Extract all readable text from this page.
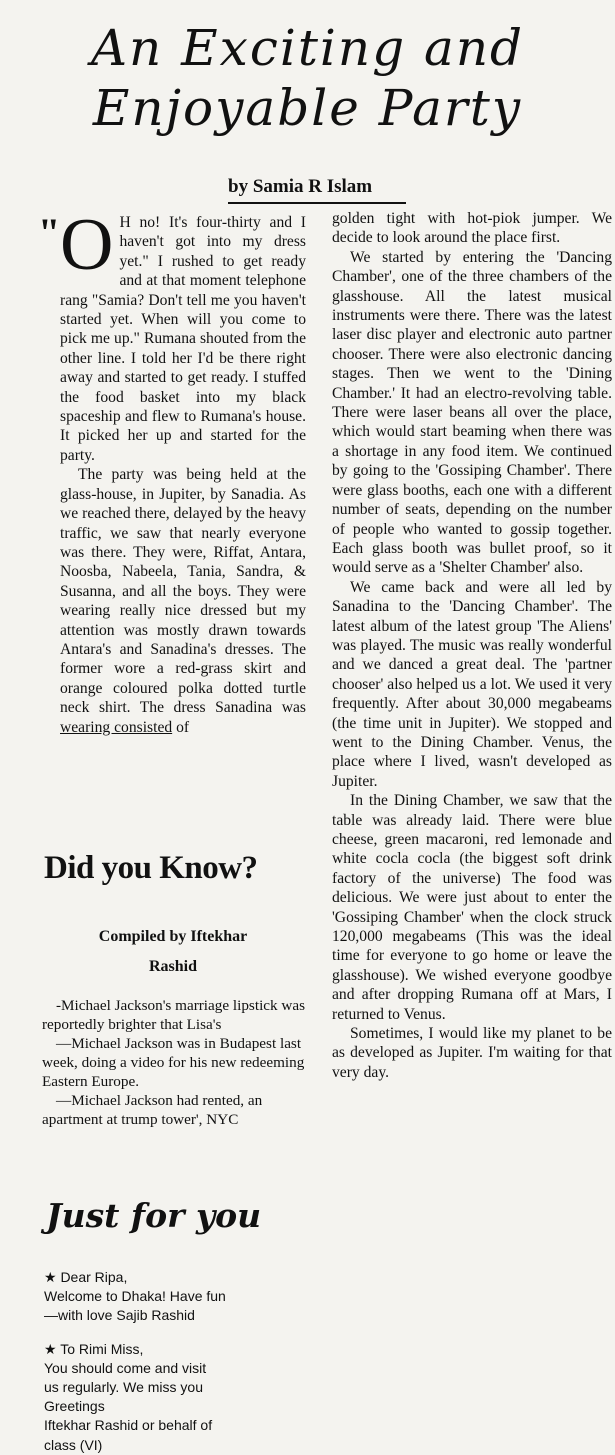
An Exciting and
Enjoyable Party
by Samia R Islam
" O H no! It's four-thirty and I haven't got into my dress yet." I rushed to get ready and at that moment telephone rang "Samia? Don't tell me you haven't started yet. When will you come to pick me up." Rumana shouted from the other line. I told her I'd be there right away and started to get ready. I stuffed the food basket into my black spaceship and flew to Rumana's house. It picked her up and started for the party.

The party was being held at the glass-house, in Jupiter, by Sanadia. As we reached there, delayed by the heavy traffic, we saw that nearly everyone was there. They were, Riffat, Antara, Noosba, Nabeela, Tania, Sandra, & Susanna, and all the boys. They were wearing really nice dressed but my attention was mostly drawn towards Antara's and Sanadina's dresses. The former wore a red-grass skirt and orange coloured polka dotted turtle neck shirt. The dress Sanadina was wearing consisted of

golden tight with hot-piok jumper. We decide to look around the place first.

We started by entering the 'Dancing Chamber', one of the three chambers of the glasshouse. All the latest musical instruments were there. There was the latest laser disc player and electronic auto partner chooser. There were also electronic dancing stages. Then we went to the 'Dining Chamber.' It had an electro-revolving table. There were laser beans all over the place, which would start beaming when there was a shortage in any food item. We continued by going to the 'Gossiping Chamber'. There were glass booths, each one with a different number of seats, depending on the number of people who wanted to gossip together. Each glass booth was bullet proof, so it would serve as a 'Shelter Chamber' also.

We came back and were all led by Sanadina to the 'Dancing Chamber'. The latest album of the latest group 'The Aliens' was played. The music was really wonderful and we danced a great deal. The 'partner chooser' also helped us a lot. We used it very frequently. After about 30,000 megabeams (the time unit in Jupiter). We stopped and went to the Dining Chamber. Venus, the place where I lived, wasn't developed as Jupiter.

In the Dining Chamber, we saw that the table was already laid. There were blue cheese, green macaroni, red lemonade and white cocla cocla (the biggest soft drink factory of the universe) The food was delicious. We were just about to enter the 'Gossiping Chamber' when the clock struck 120,000 megabeams (This was the ideal time for everyone to go home or leave the glasshouse). We wished everyone goodbye and after dropping Rumana off at Mars, I returned to Venus.

Sometimes, I would like my planet to be as developed as Jupiter. I'm waiting for that very day.

Did you Know?
Compiled by Iftekhar
Rashid

-Michael Jackson's marriage lipstick was reportedly brighter that Lisa's

—Michael Jackson was in Budapest last week, doing a video for his new redeeming Eastern Europe.

—Michael Jackson had rented, an apartment at trump tower', NYC

Just for you

★ Dear Ripa,

Welcome to Dhaka! Have fun

—with love Sajib Rashid

★ To Rimi Miss,

You should come and visit

us regularly. We miss you

Greetings

Iftekhar Rashid or behalf of

class (VI)
